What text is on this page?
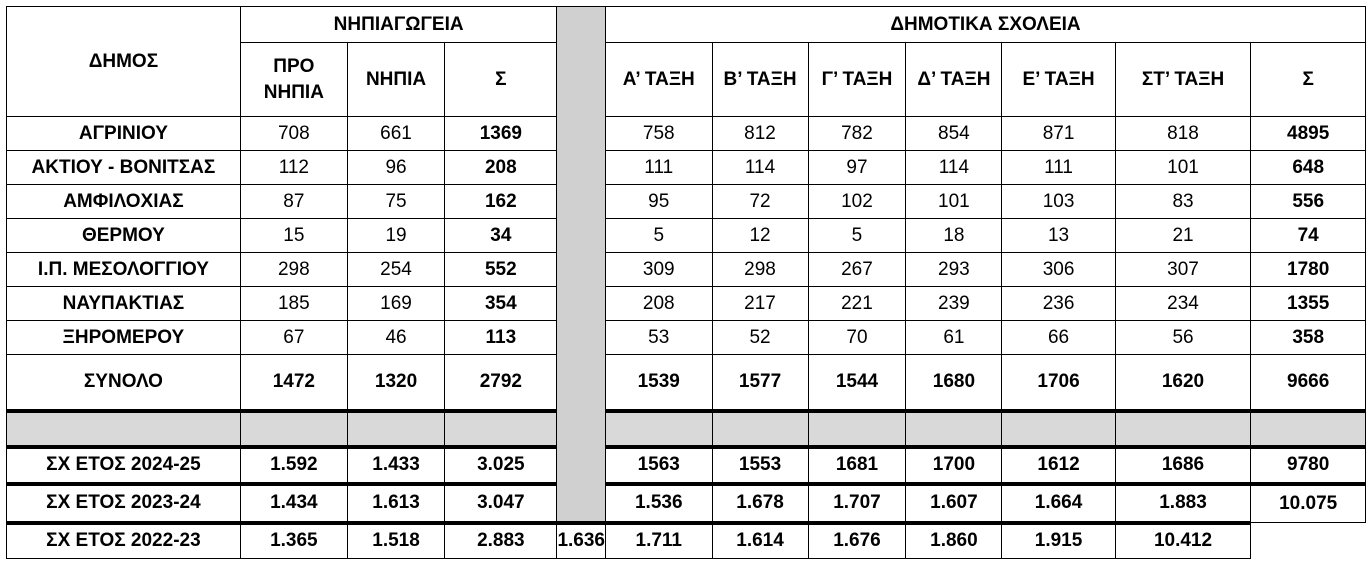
ΔΗΜΟΣ	ΝΗΠΙΑΓΩΓΕΙΑ				ΔΗΜΟΤΙΚΑ ΣΧΟΛΕΙΑ						
	ΠΡΟ ΝΗΠΙΑ	ΝΗΠΙΑ	Σ		Α’ ΤΑΞΗ	Β’ ΤΑΞΗ	Γ’ ΤΑΞΗ	Δ’ ΤΑΞΗ	Ε’ ΤΑΞΗ	ΣΤ’ ΤΑΞΗ	Σ
ΑΓΡΙΝΙΟΥ	708	661	1369		758	812	782	854	871	818	4895
ΑΚΤΙΟΥ - ΒΟΝΙΤΣΑΣ	112	96	208		111	114	97	114	111	101	648
ΑΜΦΙΛΟΧΙΑΣ	87	75	162		95	72	102	101	103	83	556
ΘΕΡΜΟΥ	15	19	34		5	12	5	18	13	21	74
Ι.Π. ΜΕΣΟΛΟΓΓΙΟΥ	298	254	552		309	298	267	293	306	307	1780
ΝΑΥΠΑΚΤΙΑΣ	185	169	354		208	217	221	239	236	234	1355
ΞΗΡΟΜΕΡΟΥ	67	46	113		53	52	70	61	66	56	358
ΣΥΝΟΛΟ	1472	1320	2792		1539	1577	1544	1680	1706	1620	9666

ΣΧ ΕΤΟΣ 2024-25	1.592	1.433	3.025		1563	1553	1681	1700	1612	1686	9780
ΣΧ ΕΤΟΣ 2023-24	1.434	1.613	3.047		1.536	1.678	1.707	1.607	1.664	1.883	10.075
ΣΧ ΕΤΟΣ 2022-23	1.365	1.518	2.883	1.636	1.711	1.614	1.676	1.860	1.915	10.412	
